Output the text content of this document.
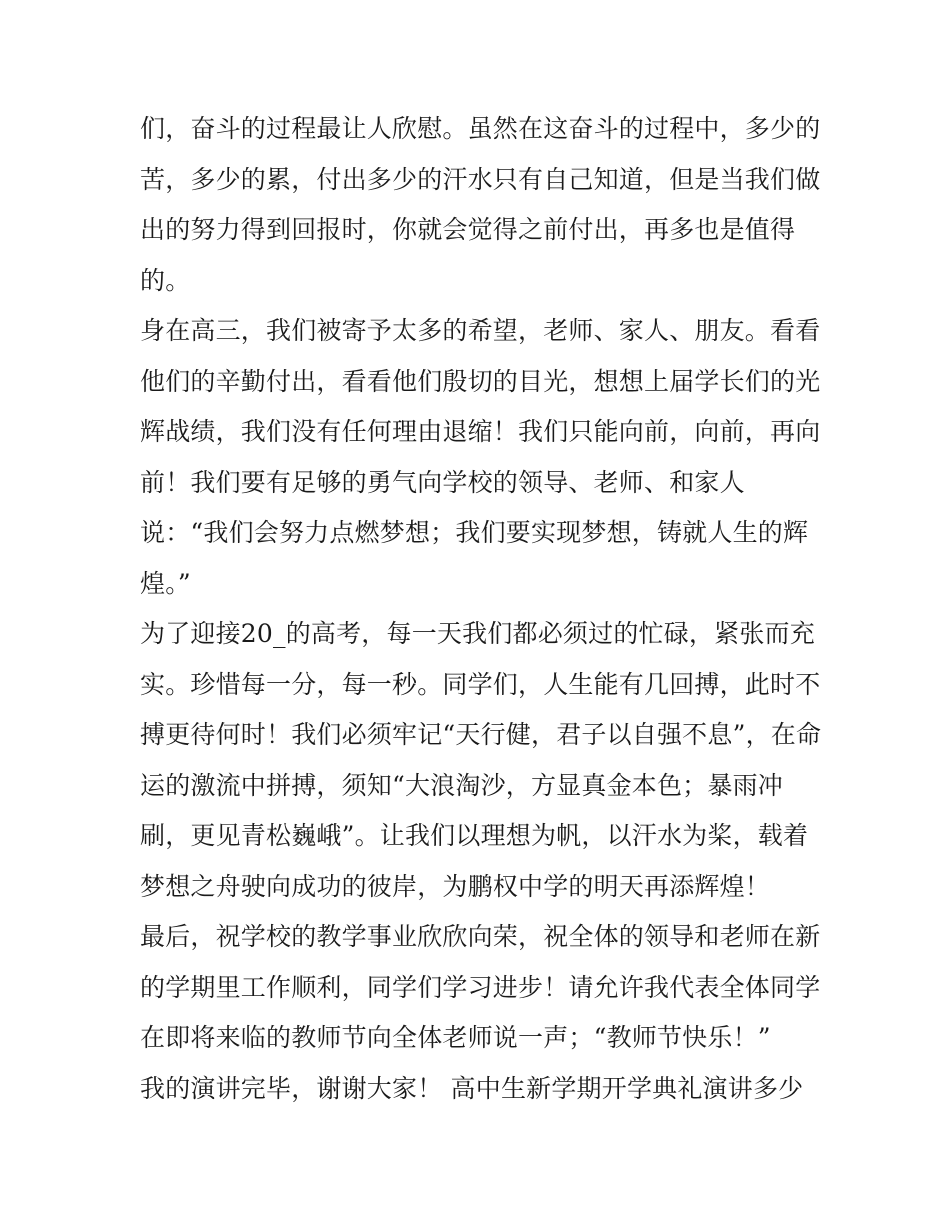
们，奋斗的过程最让人欣慰。虽然在这奋斗的过程中，多少的
苦，多少的累，付出多少的汗水只有自己知道，但是当我们做
出的努力得到回报时，你就会觉得之前付出，再多也是值得
的。
身在高三，我们被寄予太多的希望，老师、家人、朋友。看看
他们的辛勤付出，看看他们殷切的目光，想想上届学长们的光
辉战绩，我们没有任何理由退缩！我们只能向前，向前，再向
前！我们要有足够的勇气向学校的领导、老师、和家人
说：“我们会努力点燃梦想；我们要实现梦想，铸就人生的辉
煌。”
为了迎接20_的高考，每一天我们都必须过的忙碌，紧张而充
实。珍惜每一分，每一秒。同学们，人生能有几回搏，此时不
搏更待何时！我们必须牢记“天行健，君子以自强不息”，在命
运的激流中拼搏，须知“大浪淘沙，方显真金本色；暴雨冲
刷，更见青松巍峨”。让我们以理想为帆，以汗水为桨，载着
梦想之舟驶向成功的彼岸，为鹏权中学的明天再添辉煌！
最后，祝学校的教学事业欣欣向荣，祝全体的领导和老师在新
的学期里工作顺利，同学们学习进步！请允许我代表全体同学
在即将来临的教师节向全体老师说一声；“教师节快乐！”
我的演讲完毕，谢谢大家！ 高中生新学期开学典礼演讲多少
